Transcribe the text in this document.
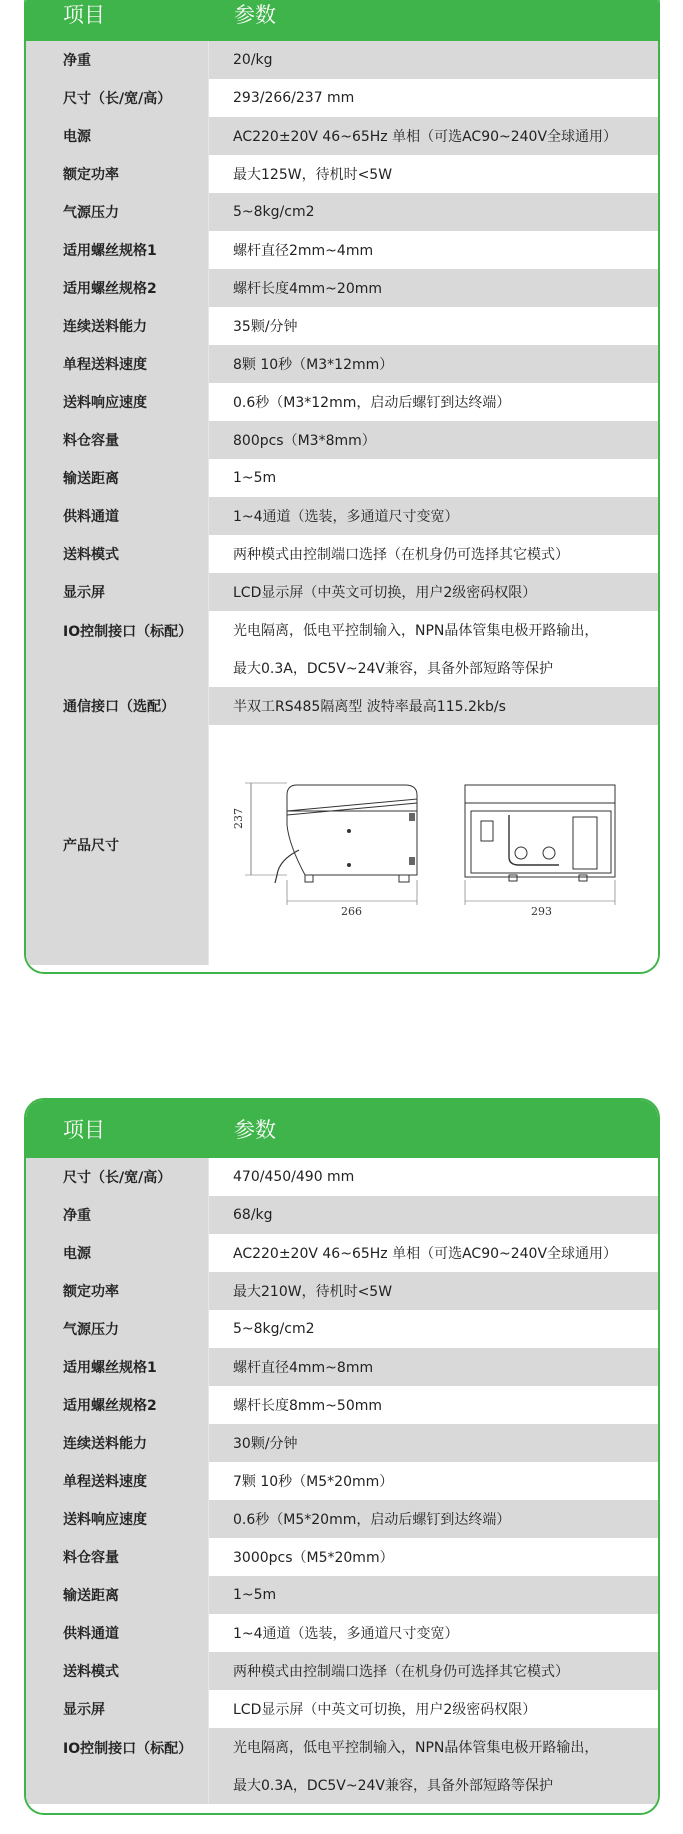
项目	参数
净重	20/kg
尺寸（长/宽/高）	293/266/237 mm
电源	AC220±20V 46~65Hz 单相（可选AC90~240V全球通用）
额定功率	最大125W，待机时<5W
气源压力	5~8kg/cm2
适用螺丝规格1	螺杆直径2mm~4mm
适用螺丝规格2	螺杆长度4mm~20mm
连续送料能力	35颗/分钟
单程送料速度	8颗 10秒（M3*12mm）
送料响应速度	0.6秒（M3*12mm，启动后螺钉到达终端）
料仓容量	800pcs（M3*8mm）
输送距离	1~5m
供料通道	1~4通道（选装，多通道尺寸变宽）
送料模式	两种模式由控制端口选择（在机身仍可选择其它模式）
显示屏	LCD显示屏（中英文可切换，用户2级密码权限）
IO控制接口（标配）	光电隔离，低电平控制输入，NPN晶体管集电极开路输出，
最大0.3A，DC5V~24V兼容，具备外部短路等保护
通信接口（选配）	半双工RS485隔离型 波特率最高115.2kb/s
产品尺寸
237
266	293
项目	参数
尺寸（长/宽/高）	470/450/490 mm
净重	68/kg
电源	AC220±20V 46~65Hz 单相（可选AC90~240V全球通用）
额定功率	最大210W，待机时<5W
气源压力	5~8kg/cm2
适用螺丝规格1	螺杆直径4mm~8mm
适用螺丝规格2	螺杆长度8mm~50mm
连续送料能力	30颗/分钟
单程送料速度	7颗 10秒（M5*20mm）
送料响应速度	0.6秒（M5*20mm，启动后螺钉到达终端）
料仓容量	3000pcs（M5*20mm）
输送距离	1~5m
供料通道	1~4通道（选装，多通道尺寸变宽）
送料模式	两种模式由控制端口选择（在机身仍可选择其它模式）
显示屏	LCD显示屏（中英文可切换，用户2级密码权限）
IO控制接口（标配）	光电隔离，低电平控制输入，NPN晶体管集电极开路输出，
最大0.3A，DC5V~24V兼容，具备外部短路等保护
